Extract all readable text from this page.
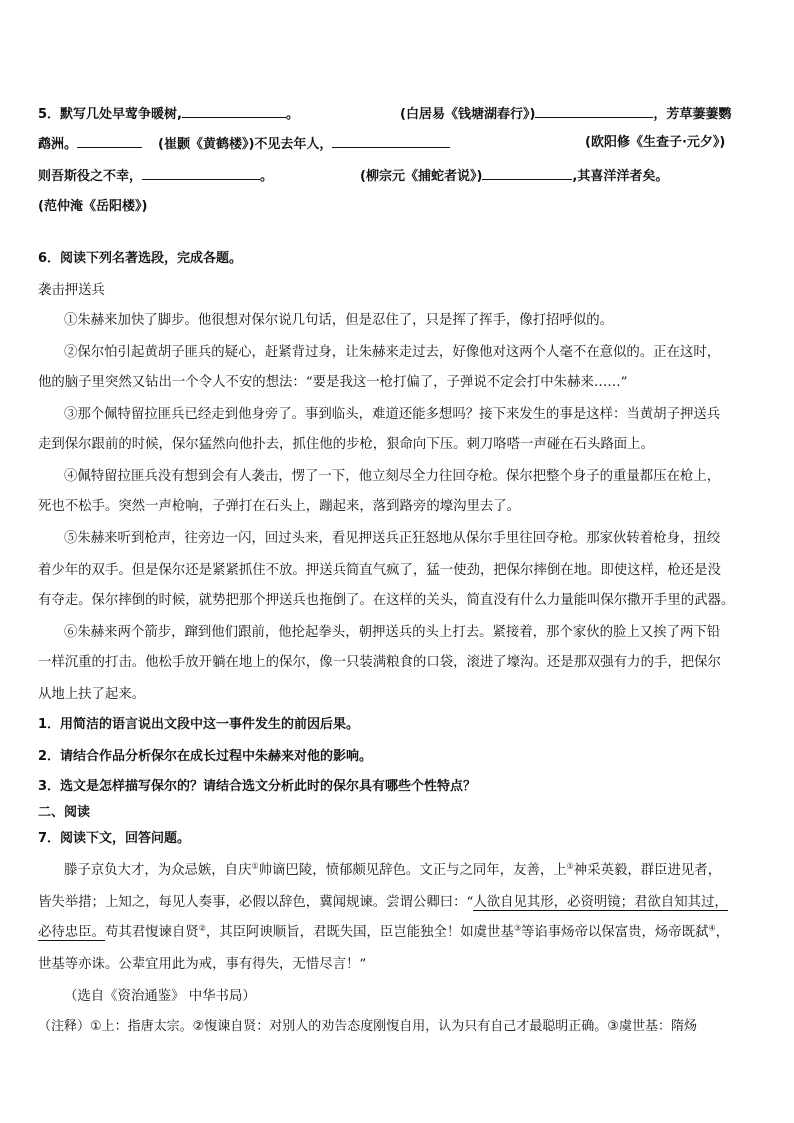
5．默写几处早莺争暖树,	。	(白居易《钱塘湖春行》)	，芳草萋萋鹦
鹉洲。	(崔颢《黄鹤楼》)不见去年人，	(欧阳修《生查子·元夕》)
则吾斯役之不幸，	。	(柳宗元《捕蛇者说》)	,其喜洋洋者矣。
(范仲淹《岳阳楼》)
6．阅读下列名著选段，完成各题。
袭击押送兵
①朱赫来加快了脚步。他很想对保尔说几句话，但是忍住了，只是挥了挥手，像打招呼似的。
②保尔怕引起黄胡子匪兵的疑心，赶紧背过身，让朱赫来走过去，好像他对这两个人毫不在意似的。正在这时，
他的脑子里突然又钻出一个令人不安的想法：“要是我这一枪打偏了，子弹说不定会打中朱赫来……”
③那个佩特留拉匪兵已经走到他身旁了。事到临头，难道还能多想吗？接下来发生的事是这样：当黄胡子押送兵
走到保尔跟前的时候，保尔猛然向他扑去，抓住他的步枪，狠命向下压。刺刀咯嗒一声碰在石头路面上。
④佩特留拉匪兵没有想到会有人袭击，愣了一下，他立刻尽全力往回夺枪。保尔把整个身子的重量都压在枪上，
死也不松手。突然一声枪响，子弹打在石头上，蹦起来，落到路旁的壕沟里去了。
⑤朱赫来听到枪声，往旁边一闪，回过头来，看见押送兵正狂怒地从保尔手里往回夺枪。那家伙转着枪身，扭绞
着少年的双手。但是保尔还是紧紧抓住不放。押送兵简直气疯了，猛一使劲，把保尔摔倒在地。即使这样，枪还是没
有夺走。保尔摔倒的时候，就势把那个押送兵也拖倒了。在这样的关头，简直没有什么力量能叫保尔撒开手里的武器。
⑥朱赫来两个箭步，蹿到他们跟前，他抡起拳头，朝押送兵的头上打去。紧接着，那个家伙的脸上又挨了两下铅
一样沉重的打击。他松手放开躺在地上的保尔，像一只装满粮食的口袋，滚进了壕沟。还是那双强有力的手，把保尔
从地上扶了起来。
1．用简洁的语言说出文段中这一事件发生的前因后果。
2．请结合作品分析保尔在成长过程中朱赫来对他的影响。
3．选文是怎样描写保尔的？请结合选文分析此时的保尔具有哪些个性特点？
二、阅读
7．阅读下文，回答问题。
滕子京负大才，为众忌嫉，自庆①帅谪巴陵，愤郁颇见辞色。文正与之同年，友善，上①神采英毅，群臣进见者，
皆失举措；上知之，每见人奏事，必假以辞色，冀闻规谏。尝谓公卿曰：“人欲自见其形，必资明镜；君欲自知其过，
必待忠臣。苟其君愎谏自贤②，其臣阿谀顺旨，君既失国，臣岂能独全！如虞世基③等谄事炀帝以保富贵，炀帝既弑④，
世基等亦诛。公辈宜用此为戒，事有得失，无惜尽言！”
（选自《资治通鉴》 中华书局）
（注释）①上：指唐太宗。②愎谏自贤：对别人的劝告态度刚愎自用，认为只有自己才最聪明正确。③虞世基：隋炀
